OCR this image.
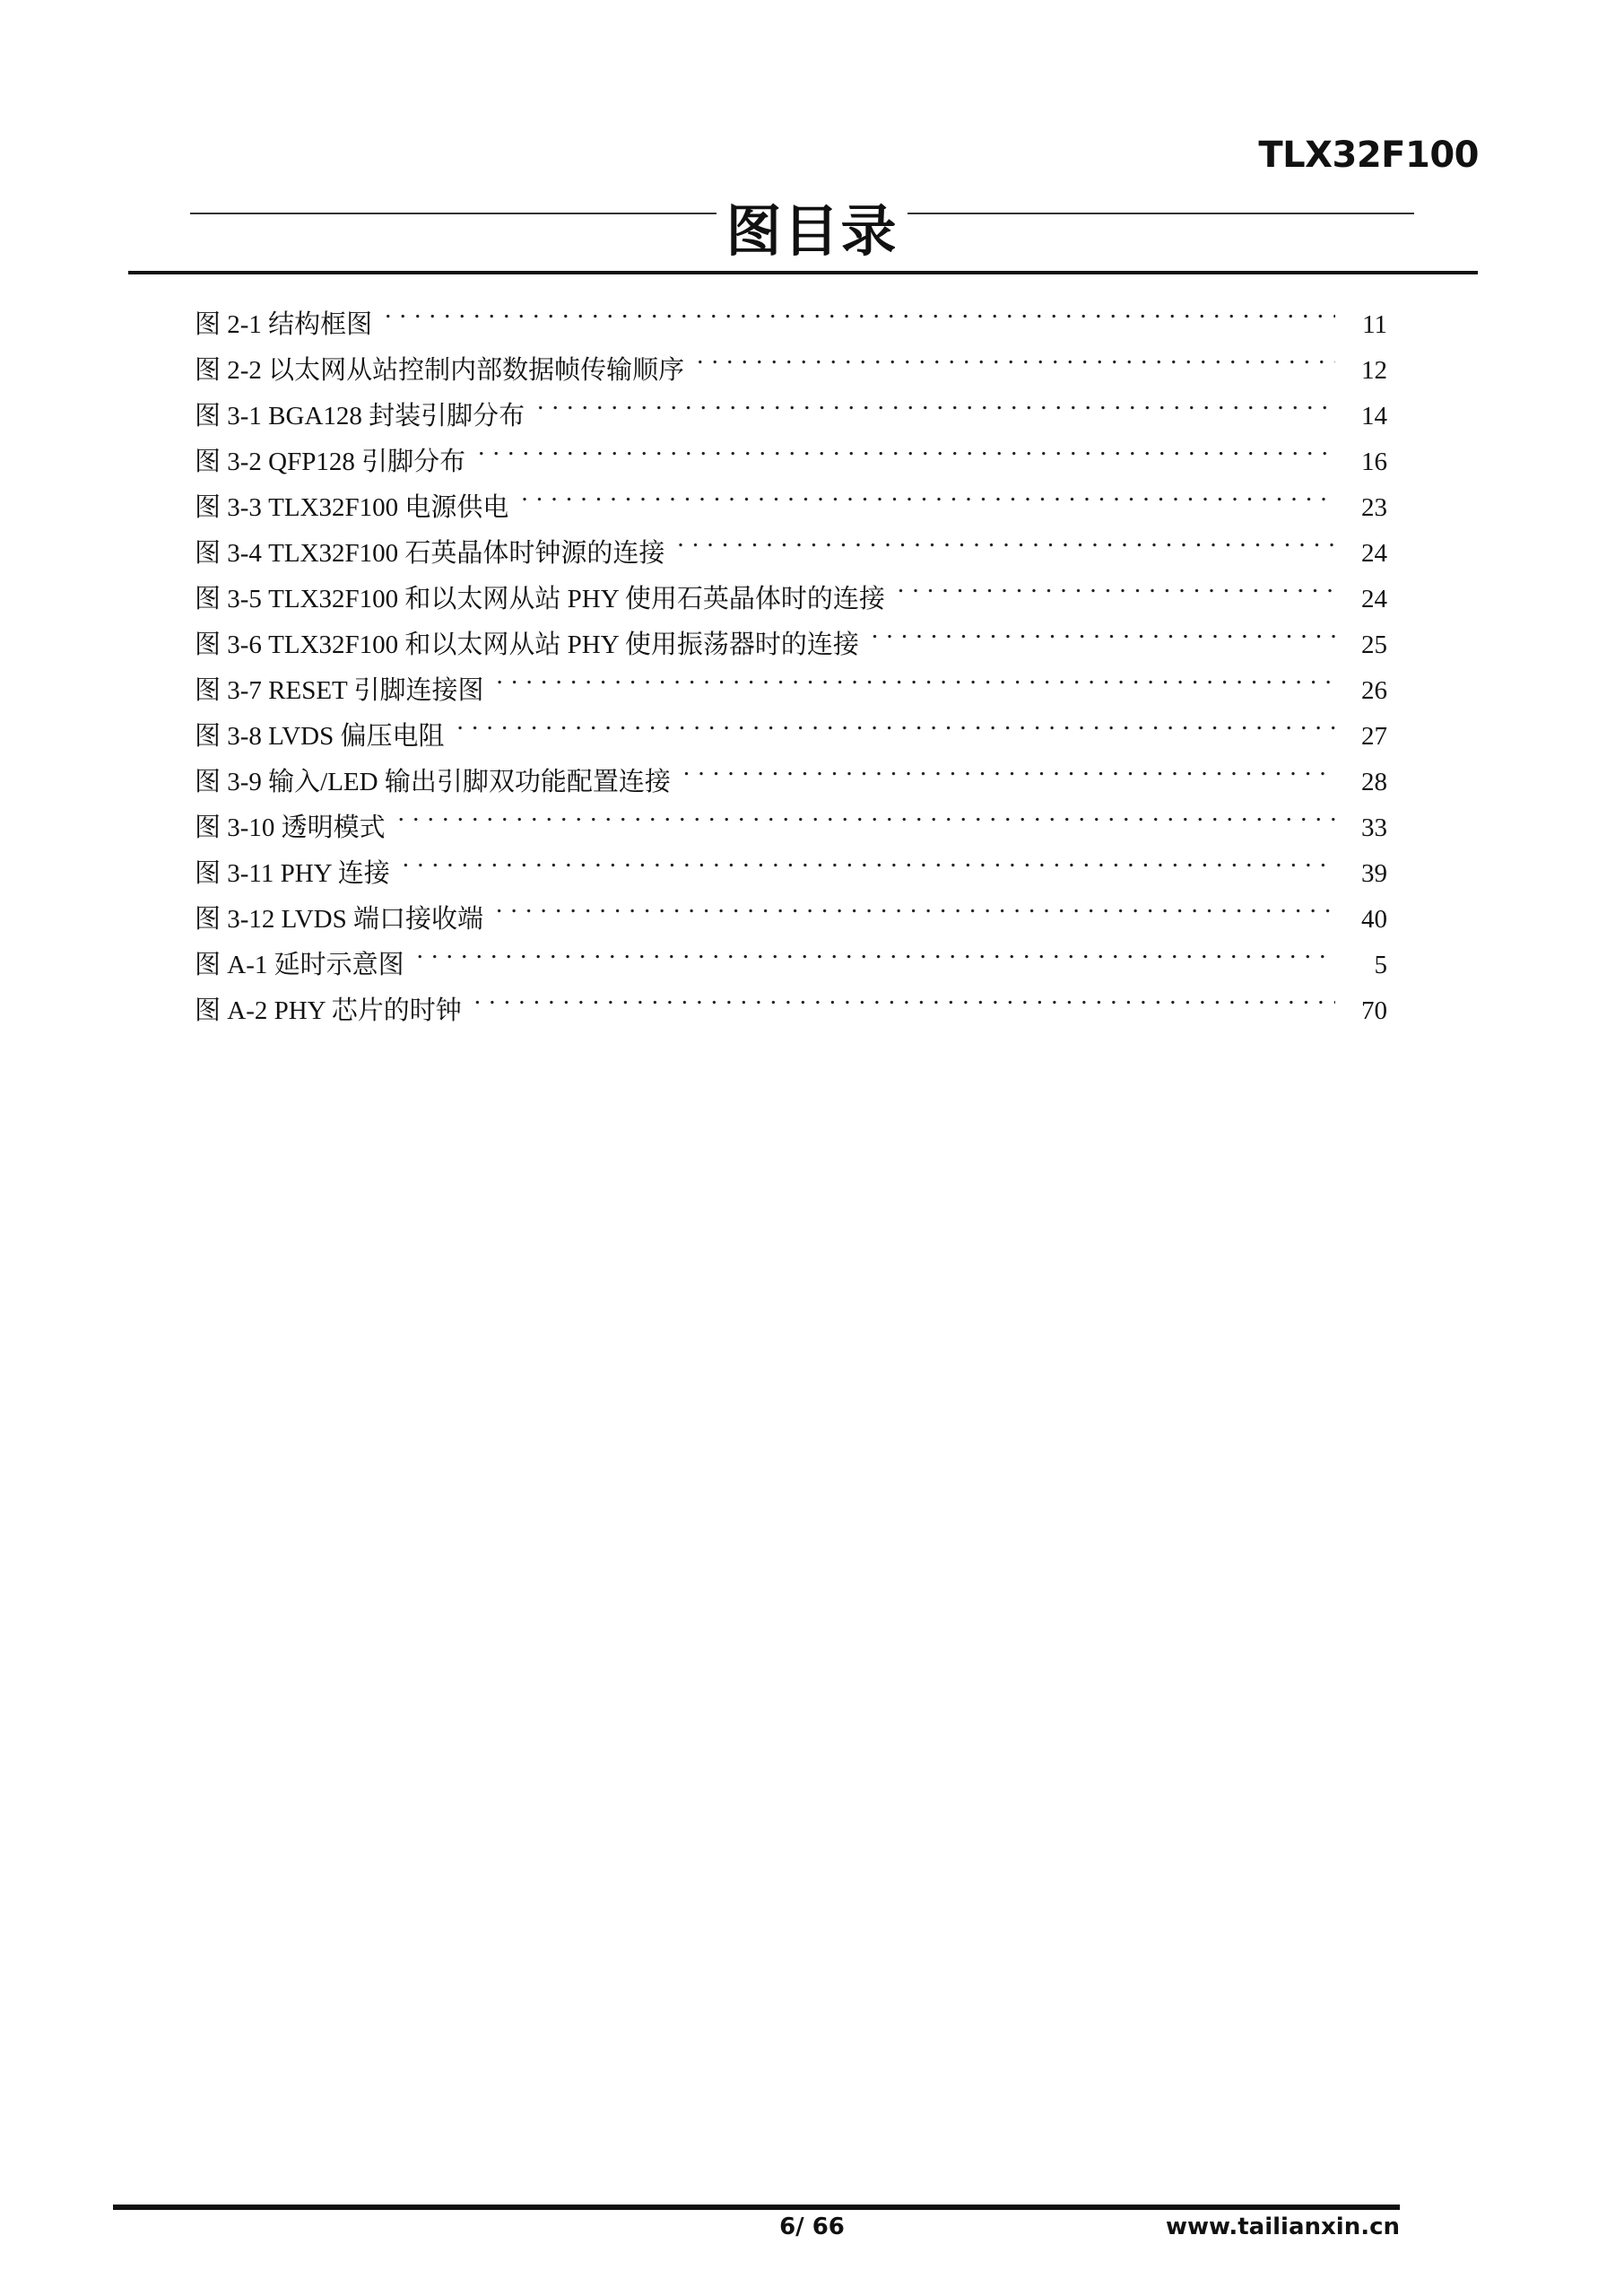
TLX32F100
图目录
图 2-1 结构框图 . . .	11
图 2-2 以太网从站控制内部数据帧传输顺序 . . .	12
图 3-1 BGA128 封装引脚分布 . . .	14
图 3-2 QFP128 引脚分布 . . .	16
图 3-3 TLX32F100 电源供电 . . .	23
图 3-4 TLX32F100 石英晶体时钟源的连接 . . .	24
图 3-5 TLX32F100 和以太网从站 PHY 使用石英晶体时的连接 . . .	24
图 3-6 TLX32F100 和以太网从站 PHY 使用振荡器时的连接 . . .	25
图 3-7 RESET 引脚连接图 . . .	26
图 3-8 LVDS 偏压电阻 . . .	27
图 3-9 输入/LED 输出引脚双功能配置连接 . . .	28
图 3-10 透明模式 . . .	33
图 3-11 PHY 连接 . . .	39
图 3-12 LVDS 端口接收端 . . .	40
图 A-1 延时示意图 . . .	5
图 A-2 PHY 芯片的时钟 . . .	70
6/ 66	www.tailianxin.cn
